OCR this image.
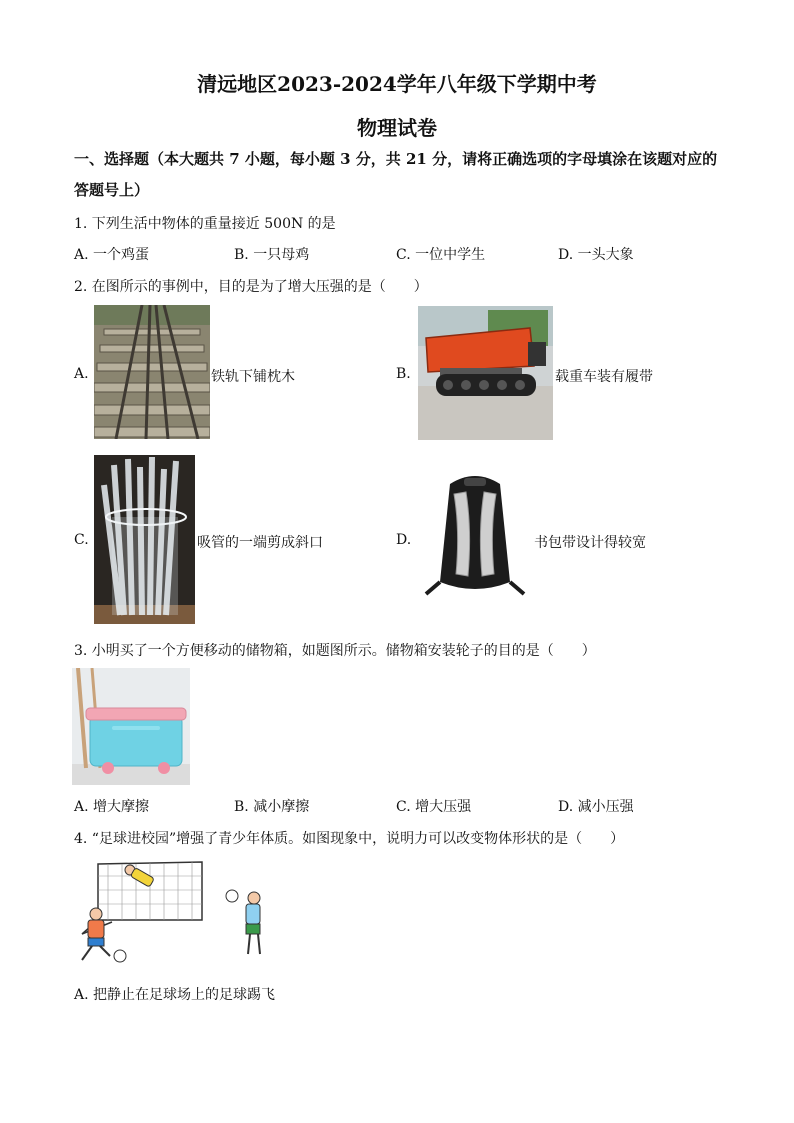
清远地区2023-2024学年八年级下学期中考
物理试卷
一、选择题（本大题共 7 小题，每小题 3 分，共 21 分，请将正确选项的字母填涂在该题对应的答题号上）
1. 下列生活中物体的重量接近 500N 的是
A. 一个鸡蛋	B. 一只母鸡	C. 一位中学生	D. 一头大象
2. 在图所示的事例中，目的是为了增大压强的是（　　）
A.	铁轨下铺枕木	B.	载重车装有履带
C.	吸管的一端剪成斜口	D.	书包带设计得较宽
3. 小明买了一个方便移动的储物箱，如题图所示。储物箱安装轮子的目的是（　　）
A. 增大摩擦	B. 减小摩擦	C. 增大压强	D. 减小压强
4. “足球进校园”增强了青少年体质。如图现象中，说明力可以改变物体形状的是（　　）
A. 把静止在足球场上的足球踢飞
